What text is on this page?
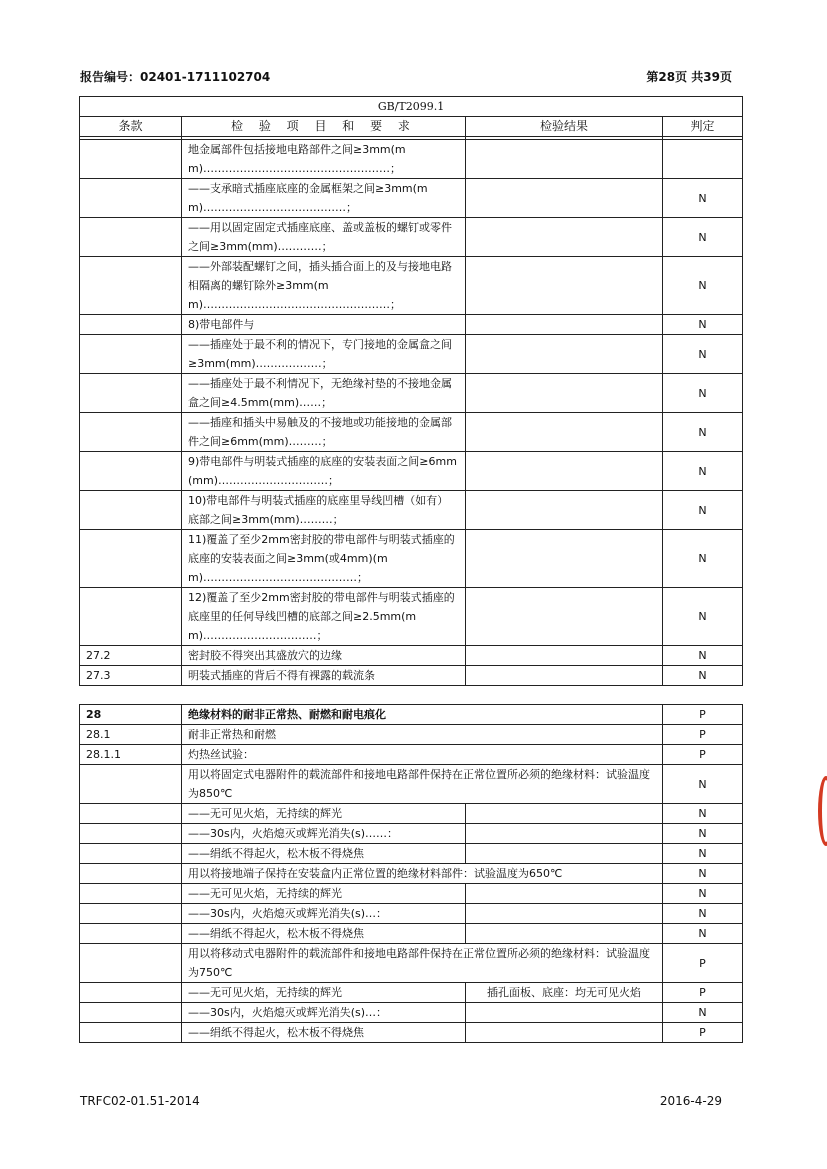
报告编号：02401-1711102704	第28页 共39页
GB/T2099.1			
条款	检 验 项 目 和 要 求	检验结果	判定

	地金属部件包括接地电路部件之间≥3mm(mm)……………………………………………；		
	——支承暗式插座底座的金属框架之间≥3mm(mm)…………………………………；		N
	——用以固定固定式插座底座、盖或盖板的螺钉或零件之间≥3mm(mm)…………；		N
	——外部装配螺钉之间，插头插合面上的及与接地电路相隔离的螺钉除外≥3mm(mm)……………………………………………；		N
	8)带电部件与		N
	——插座处于最不利的情况下，专门接地的金属盒之间≥3mm(mm)………………；		N
	——插座处于最不利情况下，无绝缘衬垫的不接地金属盒之间≥4.5mm(mm)……；		N
	——插座和插头中易触及的不接地或功能接地的金属部件之间≥6mm(mm)………；		N
	9)带电部件与明装式插座的底座的安装表面之间≥6mm(mm)…………………………；		N
	10)带电部件与明装式插座的底座里导线凹槽（如有）底部之间≥3mm(mm)………；		N
	11)覆盖了至少2mm密封胶的带电部件与明装式插座的底座的安装表面之间≥3mm(或4mm)(mm)……………………………………；		N
	12)覆盖了至少2mm密封胶的带电部件与明装式插座的底座里的任何导线凹槽的底部之间≥2.5mm(mm).…………………………；		N
27.2	密封胶不得突出其盛放穴的边缘		N
27.3	明装式插座的背后不得有裸露的载流条		N
28	绝缘材料的耐非正常热、耐燃和耐电痕化		P
28.1	耐非正常热和耐燃		P
28.1.1	灼热丝试验：		P
	用以将固定式电器附件的载流部件和接地电路部件保持在正常位置所必须的绝缘材料：试验温度为850℃		N
	——无可见火焰，无持续的辉光		N
	——30s内，火焰熄灭或辉光消失(s)……：		N
	——绢纸不得起火，松木板不得烧焦		N
	用以将接地端子保持在安装盒内正常位置的绝缘材料部件：试验温度为650℃		N
	——无可见火焰，无持续的辉光		N
	——30s内，火焰熄灭或辉光消失(s)…：		N
	——绢纸不得起火，松木板不得烧焦		N
	用以将移动式电器附件的载流部件和接地电路部件保持在正常位置所必须的绝缘材料：试验温度为750℃		P
	——无可见火焰，无持续的辉光	插孔面板、底座：均无可见火焰	P
	——30s内，火焰熄灭或辉光消失(s)…：		N
	——绢纸不得起火，松木板不得烧焦		P
TRFC02-01.51-2014	2016-4-29
